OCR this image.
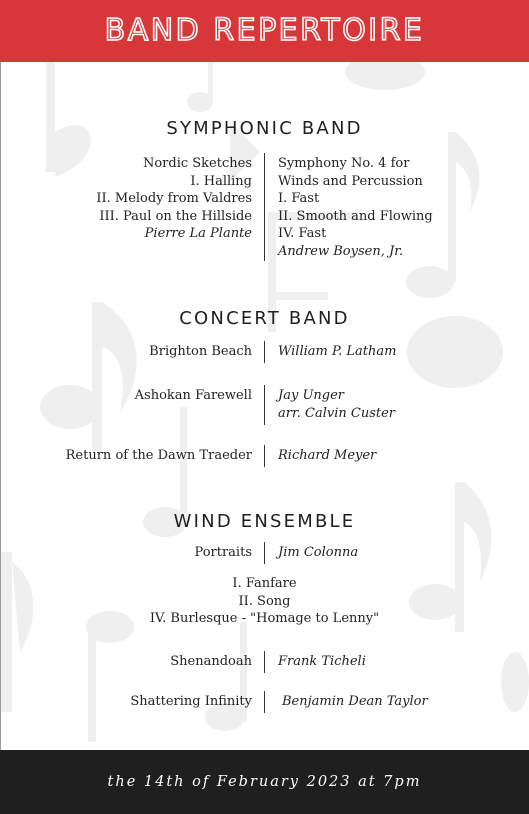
BAND REPERTOIRE
SYMPHONIC BAND
Nordic Sketches
I. Halling
II. Melody from Valdres
III. Paul on the Hillside
Pierre La Plante
Symphony No. 4 for
Winds and Percussion
I. Fast
II. Smooth and Flowing
IV. Fast
Andrew Boysen, Jr.
CONCERT BAND
Brighton Beach William P. Latham
Ashokan Farewell Jay Unger
arr. Calvin Custer
Return of the Dawn Traeder Richard Meyer
WIND ENSEMBLE
Portraits Jim Colonna
I. Fanfare
II. Song
IV. Burlesque - "Homage to Lenny"
Shenandoah Frank Ticheli
Shattering Infinity Benjamin Dean Taylor
the 14th of February 2023 at 7pm
